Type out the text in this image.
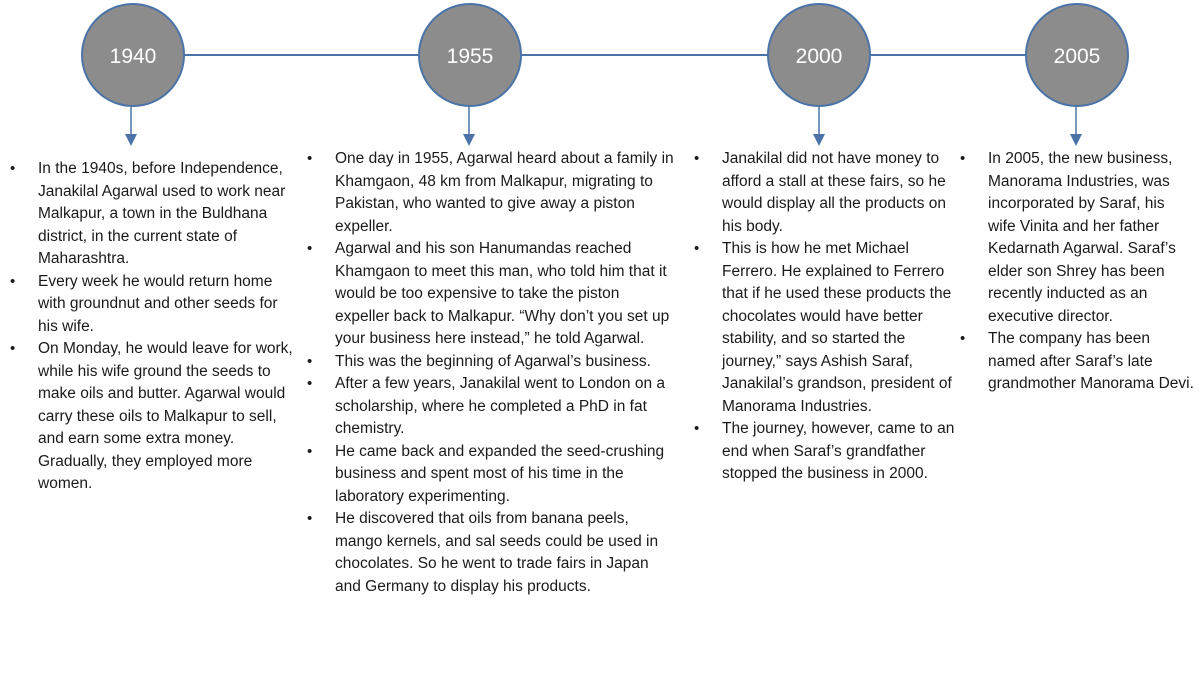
1940	1955	2000	2005
• In the 1940s, before Independence, Janakilal Agarwal used to work near Malkapur, a town in the Buldhana district, in the current state of Maharashtra.
• Every week he would return home with groundnut and other seeds for his wife.
• On Monday, he would leave for work, while his wife ground the seeds to make oils and butter. Agarwal would carry these oils to Malkapur to sell, and earn some extra money. Gradually, they employed more women.
• One day in 1955, Agarwal heard about a family in Khamgaon, 48 km from Malkapur, migrating to Pakistan, who wanted to give away a piston expeller.
• Agarwal and his son Hanumandas reached Khamgaon to meet this man, who told him that it would be too expensive to take the piston expeller back to Malkapur. “Why don’t you set up your business here instead,” he told Agarwal.
• This was the beginning of Agarwal’s business.
• After a few years, Janakilal went to London on a scholarship, where he completed a PhD in fat chemistry.
• He came back and expanded the seed-crushing business and spent most of his time in the laboratory experimenting.
• He discovered that oils from banana peels, mango kernels, and sal seeds could be used in chocolates. So he went to trade fairs in Japan and Germany to display his products.
• Janakilal did not have money to afford a stall at these fairs, so he would display all the products on his body.
• This is how he met Michael Ferrero. He explained to Ferrero that if he used these products the chocolates would have better stability, and so started the journey,” says Ashish Saraf, Janakilal’s grandson, president of Manorama Industries.
• The journey, however, came to an end when Saraf’s grandfather stopped the business in 2000.
• In 2005, the new business, Manorama Industries, was incorporated by Saraf, his wife Vinita and her father Kedarnath Agarwal. Saraf’s elder son Shrey has been recently inducted as an executive director.
• The company has been named after Saraf’s late grandmother Manorama Devi.
